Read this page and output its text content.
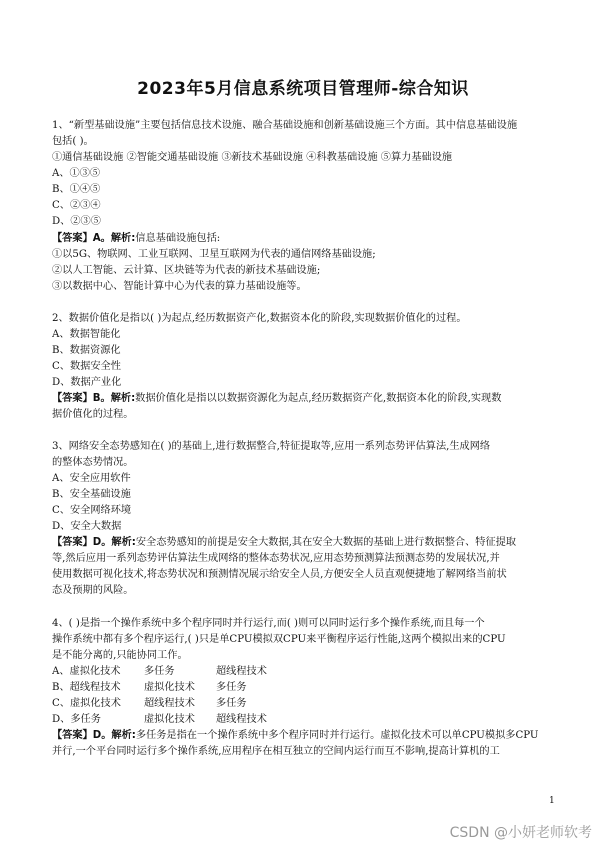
2023年5月信息系统项目管理师-综合知识
1、“新型基础设施”主要包括信息技术设施、融合基础设施和创新基础设施三个方面。其中信息基础设施
包括( )。
①通信基础设施 ②智能交通基础设施 ③新技术基础设施 ④科教基础设施 ⑤算力基础设施
A、①③⑤
B、①④⑤
C、②③④
D、②③⑤
【答案】A。解析:信息基础设施包括:
①以5G、物联网、工业互联网、卫星互联网为代表的通信网络基础设施;
②以人工智能、云计算、区块链等为代表的新技术基础设施;
③以数据中心、智能计算中心为代表的算力基础设施等。
2、数据价值化是指以( )为起点,经历数据资产化,数据资本化的阶段,实现数据价值化的过程。
A、数据智能化
B、数据资源化
C、数据安全性
D、数据产业化
【答案】B。解析:数据价值化是指以以数据资源化为起点,经历数据资产化,数据资本化的阶段,实现数
据价值化的过程。
3、网络安全态势感知在( )的基础上,进行数据整合,特征提取等,应用一系列态势评估算法,生成网络
的整体态势情况。
A、安全应用软件
B、安全基础设施
C、安全网络环境
D、安全大数据
【答案】D。解析:安全态势感知的前提是安全大数据,其在安全大数据的基础上进行数据整合、特征提取
等,然后应用一系列态势评估算法生成网络的整体态势状况,应用态势预测算法预测态势的发展状况,并
使用数据可视化技术,将态势状况和预测情况展示给安全人员,方便安全人员直观便捷地了解网络当前状
态及预期的风险。
4、( )是指一个操作系统中多个程序同时并行运行,而( )则可以同时运行多个操作系统,而且每一个
操作系统中都有多个程序运行,( )只是单CPU模拟双CPU来平衡程序运行性能,这两个模拟出来的CPU
是不能分离的,只能协同工作。
A、虚拟化技术 多任务	超线程技术
B、超线程技术 虚拟化技术 多任务
C、虚拟化技术 超线程技术 多任务
D、多任务	虚拟化技术 超线程技术
【答案】D。解析:多任务是指在一个操作系统中多个程序同时并行运行。虚拟化技术可以单CPU模拟多CPU
并行,一个平台同时运行多个操作系统,应用程序在相互独立的空间内运行而互不影响,提高计算机的工
1
CSDN @小妍老师软考
